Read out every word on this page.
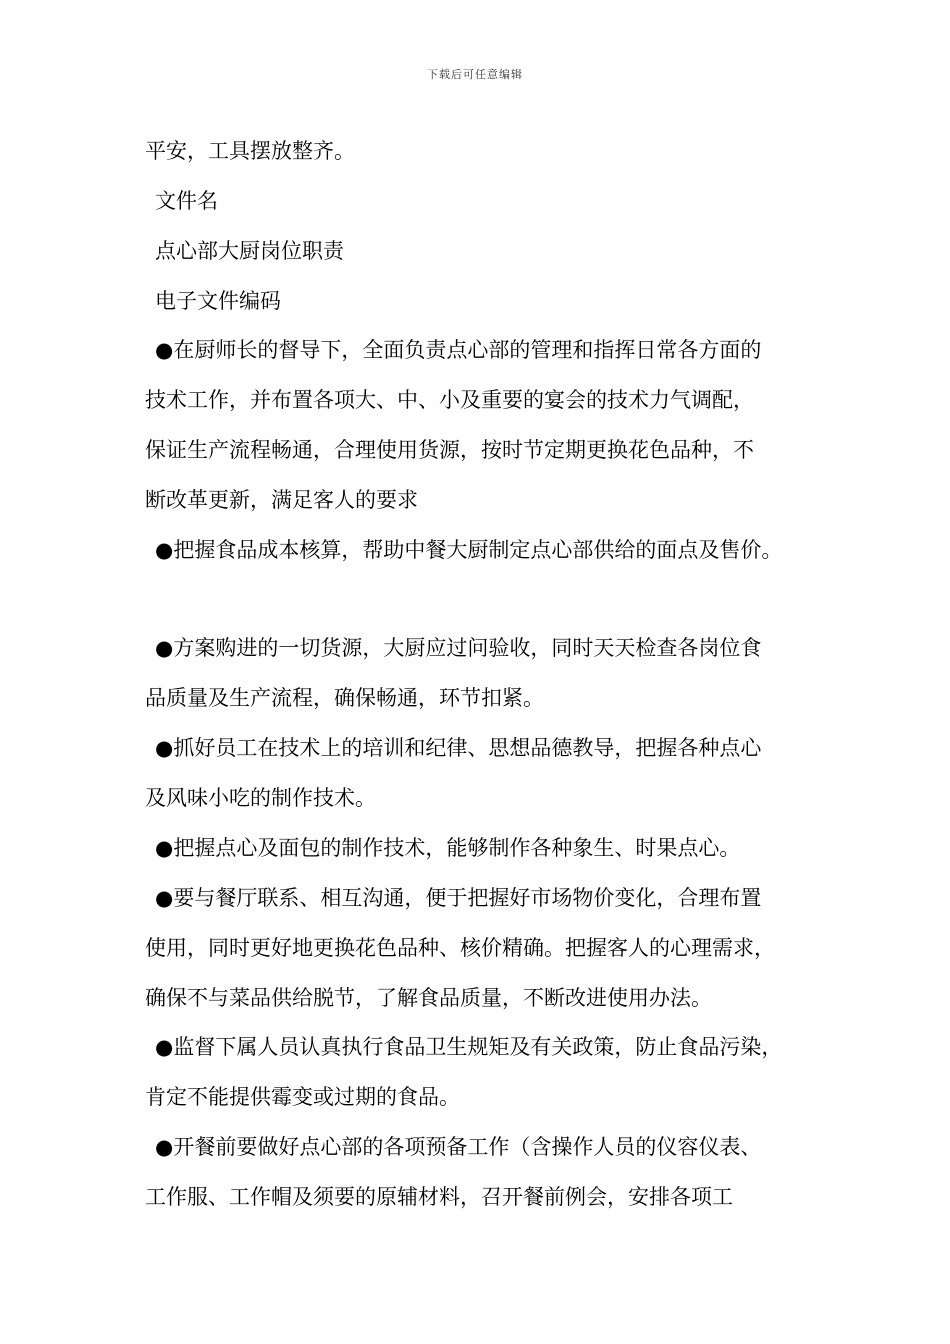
下载后可任意编辑
平安，工具摆放整齐。
文件名
点心部大厨岗位职责
电子文件编码
●在厨师长的督导下，全面负责点心部的管理和指挥日常各方面的
技术工作，并布置各项大、中、小及重要的宴会的技术力气调配，
保证生产流程畅通，合理使用货源，按时节定期更换花色品种，不
断改革更新，满足客人的要求
●把握食品成本核算，帮助中餐大厨制定点心部供给的面点及售价。
●方案购进的一切货源，大厨应过问验收，同时天天检查各岗位食
品质量及生产流程，确保畅通，环节扣紧。
●抓好员工在技术上的培训和纪律、思想品德教导，把握各种点心
及风味小吃的制作技术。
●把握点心及面包的制作技术，能够制作各种象生、时果点心。
●要与餐厅联系、相互沟通，便于把握好市场物价变化，合理布置
使用，同时更好地更换花色品种、核价精确。把握客人的心理需求，
确保不与菜品供给脱节，了解食品质量，不断改进使用办法。
●监督下属人员认真执行食品卫生规矩及有关政策，防止食品污染，
肯定不能提供霉变或过期的食品。
●开餐前要做好点心部的各项预备工作（含操作人员的仪容仪表、
工作服、工作帽及须要的原辅材料，召开餐前例会，安排各项工
